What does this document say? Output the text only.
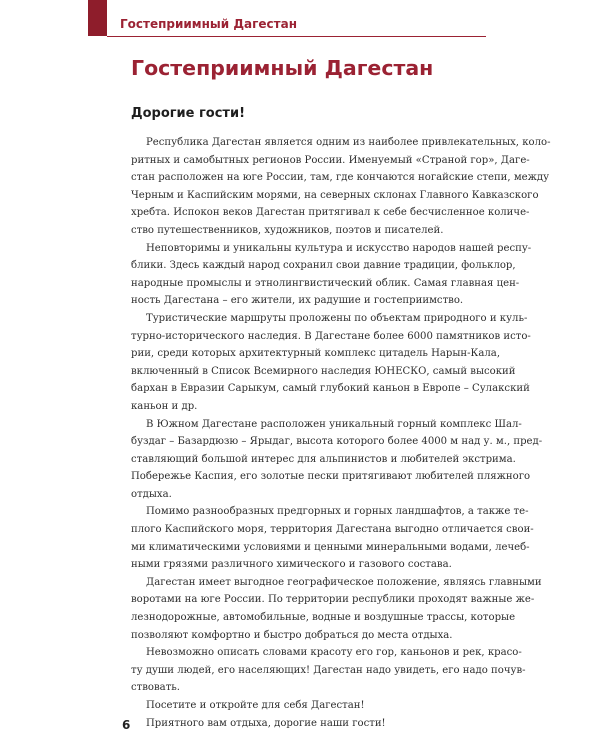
Гостеприимный Дагестан
Гостеприимный Дагестан
Дорогие гости!

Республика Дагестан является одним из наиболее привлекательных, коло-
ритных и самобытных регионов России. Именуемый «Страной гор», Даге-
стан расположен на юге России, там, где кончаются ногайские степи, между
Черным и Каспийским морями, на северных склонах Главного Кавказского
хребта. Испокон веков Дагестан притягивал к себе бесчисленное количе-
ство путешественников, художников, поэтов и писателей.

Неповторимы и уникальны культура и искусство народов нашей респу-
блики. Здесь каждый народ сохранил свои давние традиции, фольклор,
народные промыслы и этнолингвистический облик. Самая главная цен-
ность Дагестана – его жители, их радушие и гостеприимство.

Туристические маршруты проложены по объектам природного и куль-
турно-исторического наследия. В Дагестане более 6000 памятников исто-
рии, среди которых архитектурный комплекс цитадель Нарын-Кала,
включенный в Список Всемирного наследия ЮНЕСКО, самый высокий
бархан в Евразии Сарыкум, самый глубокий каньон в Европе – Сулакский
каньон и др.

В Южном Дагестане расположен уникальный горный комплекс Шал-
буздаг – Базардюзю – Ярыдаг, высота которого более 4000 м над у. м., пред-
ставляющий большой интерес для альпинистов и любителей экстрима.
Побережье Каспия, его золотые пески притягивают любителей пляжного
отдыха.

Помимо разнообразных предгорных и горных ландшафтов, а также те-
плого Каспийского моря, территория Дагестана выгодно отличается свои-
ми климатическими условиями и ценными минеральными водами, лечеб-
ными грязями различного химического и газового состава.

Дагестан имеет выгодное географическое положение, являясь главными
воротами на юге России. По территории республики проходят важные же-
лезнодорожные, автомобильные, водные и воздушные трассы, которые
позволяют комфортно и быстро добраться до места отдыха.

Невозможно описать словами красоту его гор, каньонов и рек, красо-
ту души людей, его населяющих! Дагестан надо увидеть, его надо почув-
ствовать.

Посетите и откройте для себя Дагестан!

Приятного вам отдыха, дорогие наши гости!

6
